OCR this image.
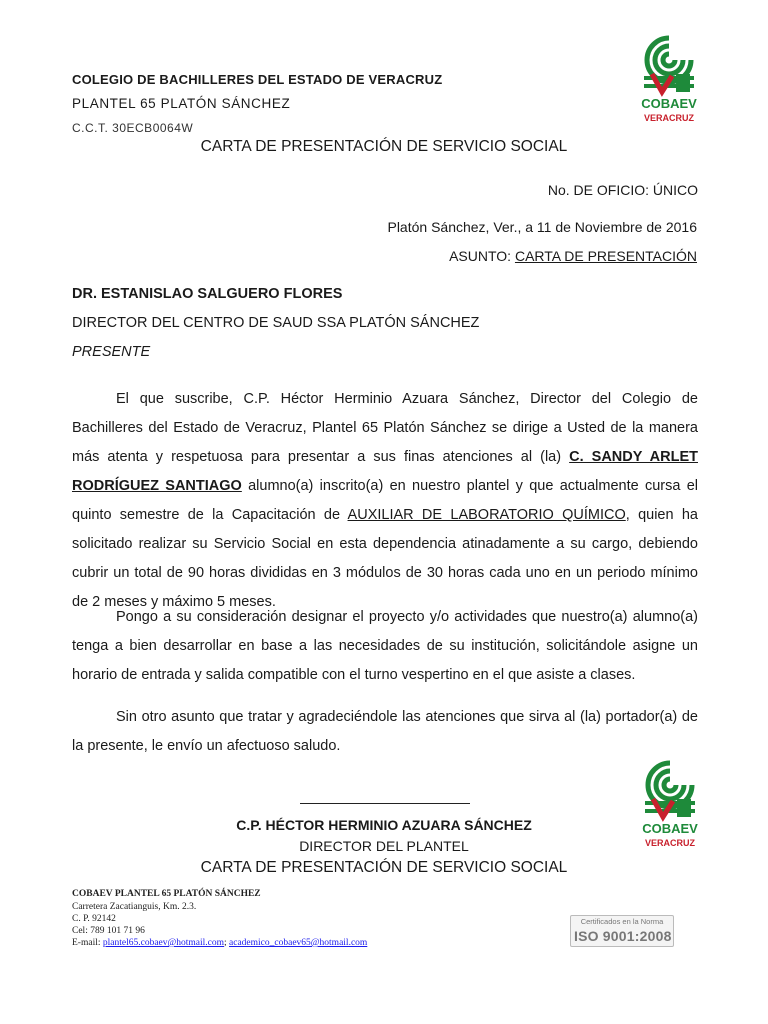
COLEGIO DE BACHILLERES DEL ESTADO DE VERACRUZ
PLANTEL 65 PLATÓN SÁNCHEZ
C.C.T. 30ECB0064W
COBAEV
VERACRUZ
CARTA DE PRESENTACIÓN DE SERVICIO SOCIAL
No. DE OFICIO: ÚNICO
Platón Sánchez, Ver., a 11 de Noviembre de 2016
ASUNTO: CARTA DE PRESENTACIÓN
DR. ESTANISLAO SALGUERO FLORES
DIRECTOR DEL CENTRO DE SAUD SSA PLATÓN SÁNCHEZ
PRESENTE

El que suscribe, C.P. Héctor Herminio Azuara Sánchez, Director del Colegio de Bachilleres del Estado de Veracruz, Plantel 65 Platón Sánchez se dirige a Usted de la manera más atenta y respetuosa para presentar a sus finas atenciones al (la) C. SANDY ARLET RODRÍGUEZ SANTIAGO alumno(a) inscrito(a) en nuestro plantel y que actualmente cursa el quinto semestre de la Capacitación de AUXILIAR DE LABORATORIO QUÍMICO, quien ha solicitado realizar su Servicio Social en esta dependencia atinadamente a su cargo, debiendo cubrir un total de 90 horas divididas en 3 módulos de 30 horas cada uno en un periodo mínimo de 2 meses y máximo 5 meses.

Pongo a su consideración designar el proyecto y/o actividades que nuestro(a) alumno(a) tenga a bien desarrollar en base a las necesidades de su institución, solicitándole asigne un horario de entrada y salida compatible con el turno vespertino en el que asiste a clases.

Sin otro asunto que tratar y agradeciéndole las atenciones que sirva al (la) portador(a) de la presente, le envío un afectuoso saludo.

C.P. HÉCTOR HERMINIO AZUARA SÁNCHEZ
DIRECTOR DEL PLANTEL
CARTA DE PRESENTACIÓN DE SERVICIO SOCIAL
COBAEV
VERACRUZ
COBAEV PLANTEL 65 PLATÓN SÁNCHEZ
Carretera Zacatianguis, Km. 2.3.
C. P. 92142
Cel: 789 101 71 96
E-mail: plantel65.cobaev@hotmail.com; academico_cobaev65@hotmail.com
Certificados en la Norma
ISO 9001:2008
